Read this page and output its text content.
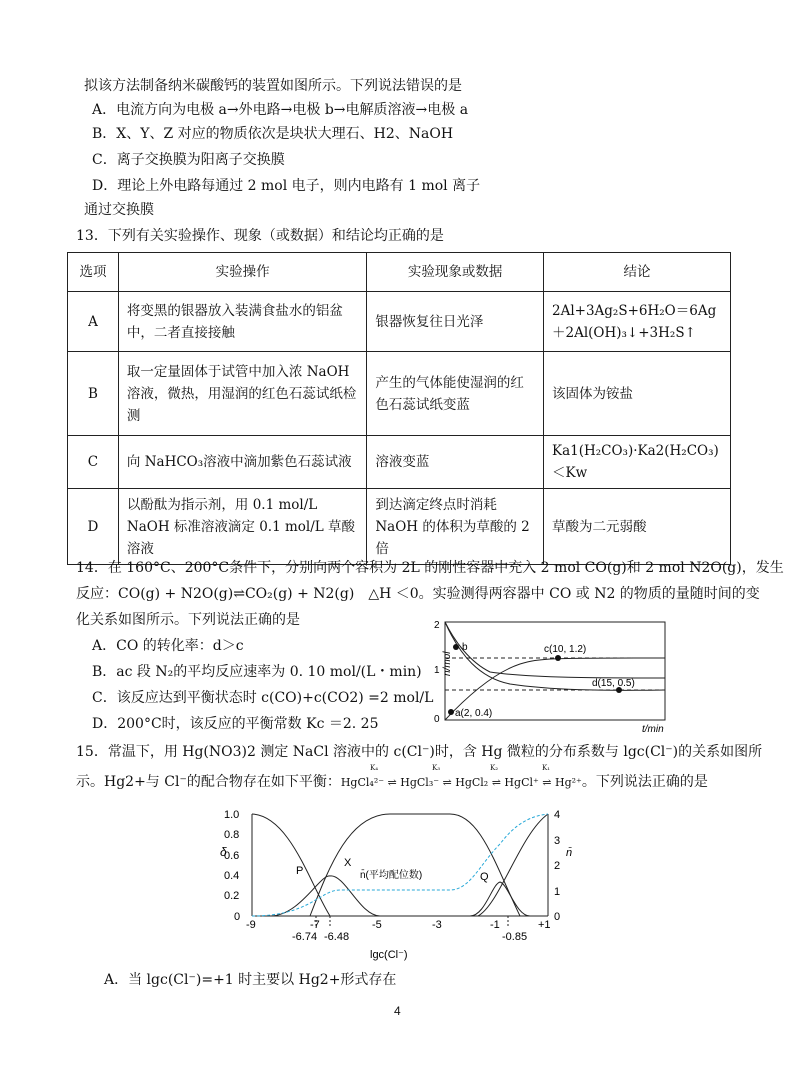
拟该方法制备纳米碳酸钙的装置如图所示。下列说法错误的是
A．电流方向为电极 a→外电路→电极 b→电解质溶液→电极 a
B．X、Y、Z 对应的物质依次是块状大理石、H2、NaOH
C．离子交换膜为阳离子交换膜
D．理论上外电路每通过 2 mol 电子，则内电路有 1 mol 离子
通过交换膜
13．下列有关实验操作、现象（或数据）和结论均正确的是
选项	实验操作	实验现象或数据	结论
A	将变黑的银器放入装满食盐水的铝盆中，二者直接接触	银器恢复往日光泽	2Al+3Ag₂S+6H₂O＝6Ag ＋2Al(OH)₃↓+3H₂S↑
B	取一定量固体于试管中加入浓 NaOH 溶液，微热，用湿润的红色石蕊试纸检测	产生的气体能使湿润的红色石蕊试纸变蓝	该固体为铵盐
C	向 NaHCO₃溶液中滴加紫色石蕊试液	溶液变蓝	Ka1(H₂CO₃)·Ka2(H₂CO₃)＜Kw
D	以酚酞为指示剂，用 0.1 mol/L NaOH 标准溶液滴定 0.1 mol/L 草酸溶液	到达滴定终点时消耗 NaOH 的体积为草酸的 2 倍	草酸为二元弱酸
14．在 160°C、200°C条件下，分别向两个容积为 2L 的刚性容器中充入 2 mol CO(g)和 2 mol N2O(g)，发生
反应：CO(g) + N2O(g)⇌CO₂(g) + N2(g)　△H ＜0。实验测得两容器中 CO 或 N2 的物质的量随时间的变
化关系如图所示。下列说法正确的是
A．CO 的转化率：d＞c
B．ac 段 N₂的平均反应速率为 0. 10 mol/(L・min)
C．该反应达到平衡状态时 c(CO)+c(CO2) =2 mol/L
D．200°C时，该反应的平衡常数 Kc ＝2. 25
2
1
0
n/mol
t/min
b	c(10, 1.2)
d(15, 0.5)
a(2, 0.4)
15．常温下，用 Hg(NO3)2 测定 NaCl 溶液中的 c(Cl⁻)时，含 Hg 微粒的分布系数与 lgc(Cl⁻)的关系如图所
示。Hg2+与 Cl⁻的配合物存在如下平衡：HgCl₄²⁻ ⇌ HgCl₃⁻ ⇌ HgCl₂ ⇌ HgCl⁺ ⇌ Hg²⁺。下列说法正确的是
K₄	K₃	K₂	K₁
1.0
0.8
0.6
0.4
0.2
0
δ
4
3
2
1
0
n̄
-9	-7	-5	-3	-1	+1
-6.74 -6.48	-0.85
lgc(Cl⁻)
P
X
Q
n̄(平均配位数)
A．当 lgc(Cl⁻)=+1 时主要以 Hg2+形式存在
4
